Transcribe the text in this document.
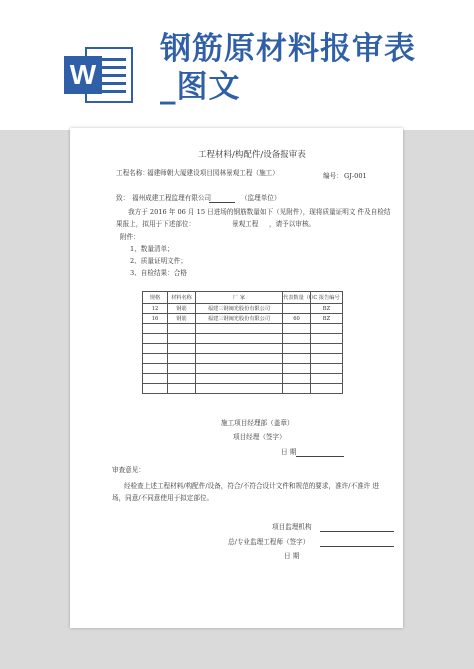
W
钢筋原材料报审表
_图文
工程材料/构配件/设备报审表
工程名称：
福建师朝大厦建设项目园林景观工程（施工）	编号： GJ-001
致： 福州成建工程监理有限公司	（监理单位）
我方于 2016 年 06 月 15 日进场的钢筋数量如下（见附件），现将质量证明文 件及自检结
果报上，拟用于下述部位：	景观工程 ，请予以审核。
附件：
1、数量清单；
2、质量证明文件；
3、自检结果：合格
规格	材料名称	厂 家	代表数量（t）	C 报告编号
12	钢筋	福建三钢闽光股份有限公司		BZ
16	钢筋	福建三钢闽光股份有限公司	60	BZ

施工项目经理部（盖章）
项目经理（签字）
日 期
审查意见：
经检查上述工程材料/构配件/设备，符合/不符合设计文件和规范的要求，准许/不准许 进
场，同意/不同意使用于拟定部位。
项目监理机构
总/专业监理工程师（签字）
日 期
